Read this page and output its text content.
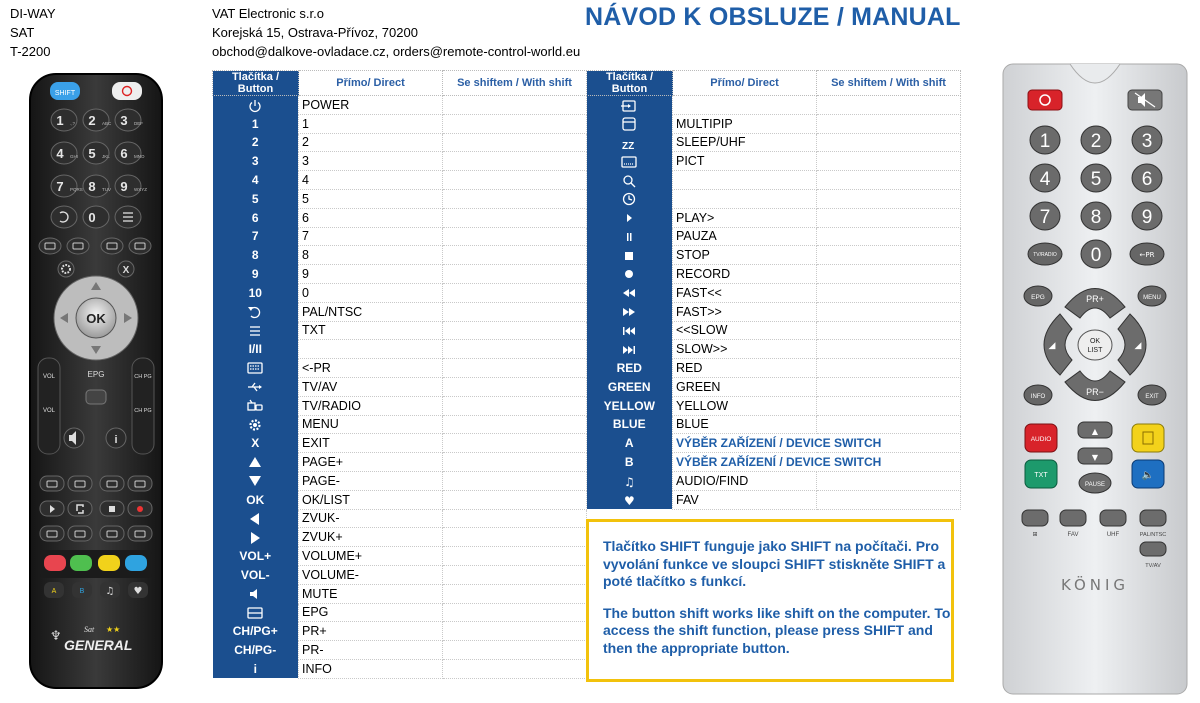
DI-WAY
SAT
T-2200
VAT Electronic s.r.o
Korejská 15, Ostrava-Přívoz, 70200
obchod@dalkove-ovladace.cz, orders@remote-control-world.eu
NÁVOD K OBSLUZE / MANUAL
Tlačítka / Button	Přímo/ Direct	Se shiftem / With shift	
	POWER		
1	1		
2	2		
3	3		
4	4		
5	5		
6	6		
7	7		
8	8		
9	9		
10	0		
	PAL/NTSC		
	TXT		
I/II			
	<-PR		
	TV/AV		
	TV/RADIO		
	MENU		
X	EXIT		
	PAGE+		
	PAGE-		
OK	OK/LIST		
	ZVUK-		
	ZVUK+		
VOL+	VOLUME+		
VOL-	VOLUME-		
	MUTE		
	EPG		
CH/PG+	PR+		
CH/PG-	PR-		
i	INFO		
Tlačítka / Button	Přímo/ Direct	Se shiftem / With shift

	MULTIPIP	

ZZ	SLEEP/UHF	
	PICT	

	PLAY>	
	PAUZA	
	STOP	
	RECORD	
	FAST<<	
	FAST>>	
	<<SLOW	
	SLOW>>	
RED	RED	
GREEN	GREEN	
YELLOW	YELLOW	
BLUE	BLUE	
A	VÝBĚR ZAŘÍZENÍ / DEVICE SWITCH	
B	VÝBĚR ZAŘÍZENÍ / DEVICE SWITCH	

♫	AUDIO/FIND	

♥	FAV	

Tlačítko SHIFT funguje jako SHIFT na počítači. Pro vyvolání funkce ve sloupci SHIFT stiskněte SHIFT a poté tlačítko s funkcí.

The button shift works like shift on the computer. To access the shift function, please press SHIFT and then the appropriate button.

SHIFT
1 .,? 2 ABC 3 DEF
4 GHI 5 JKL 6 MNO
7 PQRS 8 TUV 9 WXYZ
0
X
OK
VOL
VOL
CH PG
CH PG
EPG
i
A	B ♫ ♥
♆	Sat ★★
GENERAL
1 2 3
4 5 6
7 8 9
0
TV/RADIO	←PR
EPG	MENU
PR+
PR−
◢	◢
OK
LIST
INFO	EXIT
AUDIO
▲
▼
TXT
PAUSE
🔈
⊞	FAV	UHF	PAL/NTSC
TV/AV
KÖNIG
